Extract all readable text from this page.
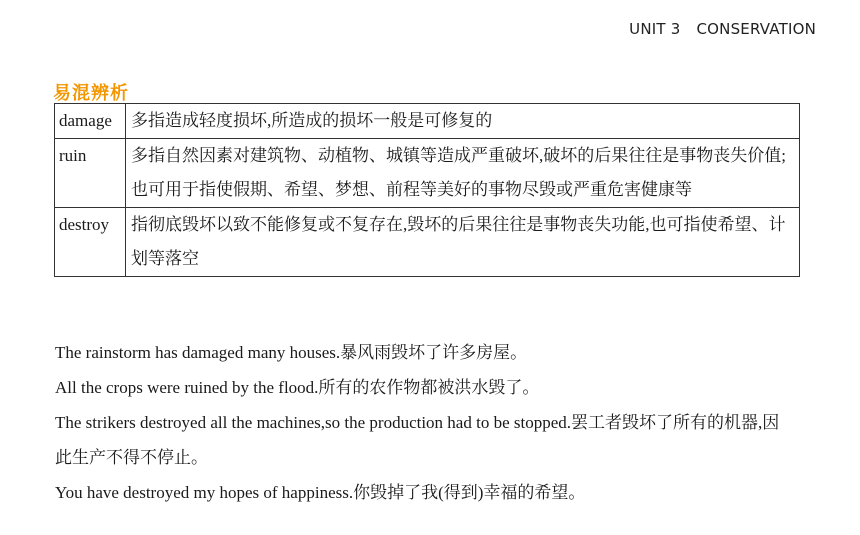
UNIT 3 CONSERVATION
易混辨析
damage	多指造成轻度损坏,所造成的损坏一般是可修复的
ruin	多指自然因素对建筑物、动植物、城镇等造成严重破坏,破坏的后果往往是事物丧失价值;也可用于指使假期、希望、梦想、前程等美好的事物尽毁或严重危害健康等
destroy	指彻底毁坏以致不能修复或不复存在,毁坏的后果往往是事物丧失功能,也可指使希望、计划等落空

The rainstorm has damaged many houses.暴风雨毁坏了许多房屋。

All the crops were ruined by the flood.所有的农作物都被洪水毁了。

The strikers destroyed all the machines,so the production had to be stopped.罢工者毁坏了所有的机器,因此生产不得不停止。

You have destroyed my hopes of happiness.你毁掉了我(得到)幸福的希望。
